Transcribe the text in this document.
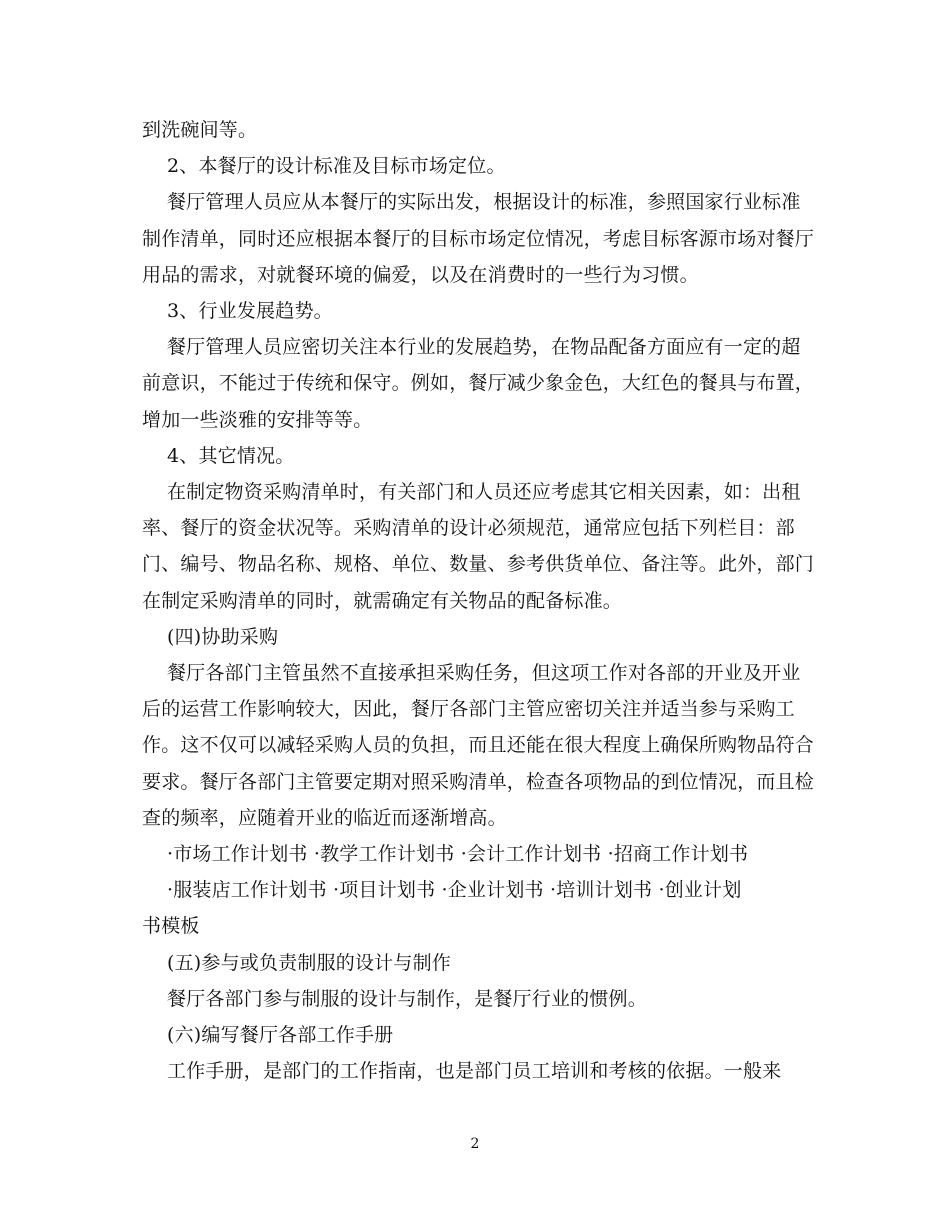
到洗碗间等。

2、本餐厅的设计标准及目标市场定位。

餐厅管理人员应从本餐厅的实际出发，根据设计的标准，参照国家行业标准

制作清单，同时还应根据本餐厅的目标市场定位情况，考虑目标客源市场对餐厅

用品的需求，对就餐环境的偏爱，以及在消费时的一些行为习惯。

3、行业发展趋势。

餐厅管理人员应密切关注本行业的发展趋势，在物品配备方面应有一定的超

前意识，不能过于传统和保守。例如，餐厅减少象金色，大红色的餐具与布置，

增加一些淡雅的安排等等。

4、其它情况。

在制定物资采购清单时，有关部门和人员还应考虑其它相关因素，如：出租

率、餐厅的资金状况等。采购清单的设计必须规范，通常应包括下列栏目：部

门、编号、物品名称、规格、单位、数量、参考供货单位、备注等。此外，部门

在制定采购清单的同时，就需确定有关物品的配备标准。

(四)协助采购

餐厅各部门主管虽然不直接承担采购任务，但这项工作对各部的开业及开业

后的运营工作影响较大，因此，餐厅各部门主管应密切关注并适当参与采购工

作。这不仅可以减轻采购人员的负担，而且还能在很大程度上确保所购物品符合

要求。餐厅各部门主管要定期对照采购清单，检查各项物品的到位情况，而且检

查的频率，应随着开业的临近而逐渐增高。

·市场工作计划书 ·教学工作计划书 ·会计工作计划书 ·招商工作计划书

·服装店工作计划书 ·项目计划书 ·企业计划书 ·培训计划书 ·创业计划

书模板

(五)参与或负责制服的设计与制作

餐厅各部门参与制服的设计与制作，是餐厅行业的惯例。

(六)编写餐厅各部工作手册

工作手册，是部门的工作指南，也是部门员工培训和考核的依据。一般来

2
